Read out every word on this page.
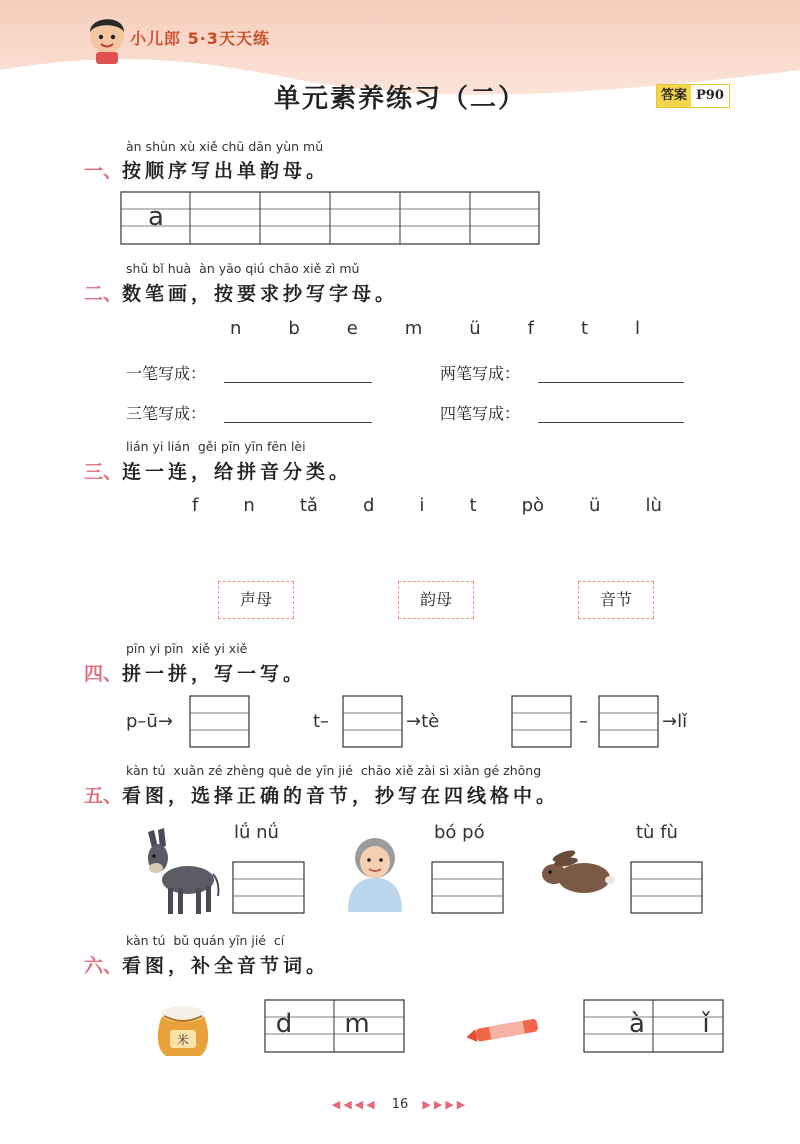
小儿郎 5·3天天练
单元素养练习（二）	答案 P90
àn shùn xù xiě chū dān yùn mǔ
一、按顺序写出单韵母。
a
shǔ bǐ huà  àn yāo qiú chāo xiě zì mǔ
二、数笔画，按要求抄写字母。
n	b	e	m	ü	f	t	l
一笔写成：	两笔写成：
三笔写成：	四笔写成：
lián yi lián  gěi pīn yīn fēn lèi
三、连一连，给拼音分类。
f	n	tǎ	d	i	t	pò	ü	lù
声母	韵母	音节
pīn yi pīn  xiě yi xiě
四、拼一拼，写一写。
p–ū→	t–	→tè	–	→lǐ
kàn tú  xuǎn zé zhèng què de yīn jié  chāo xiě zài sì xiàn gé zhōng
五、看图，选择正确的音节，抄写在四线格中。
lǘ nǘ	bó pó	tù fù
kàn tú  bǔ quán yīn jié  cí
六、看图，补全音节词。
米
d	m	à	ǐ
◀◀◀◀ 16 ▶▶▶▶
